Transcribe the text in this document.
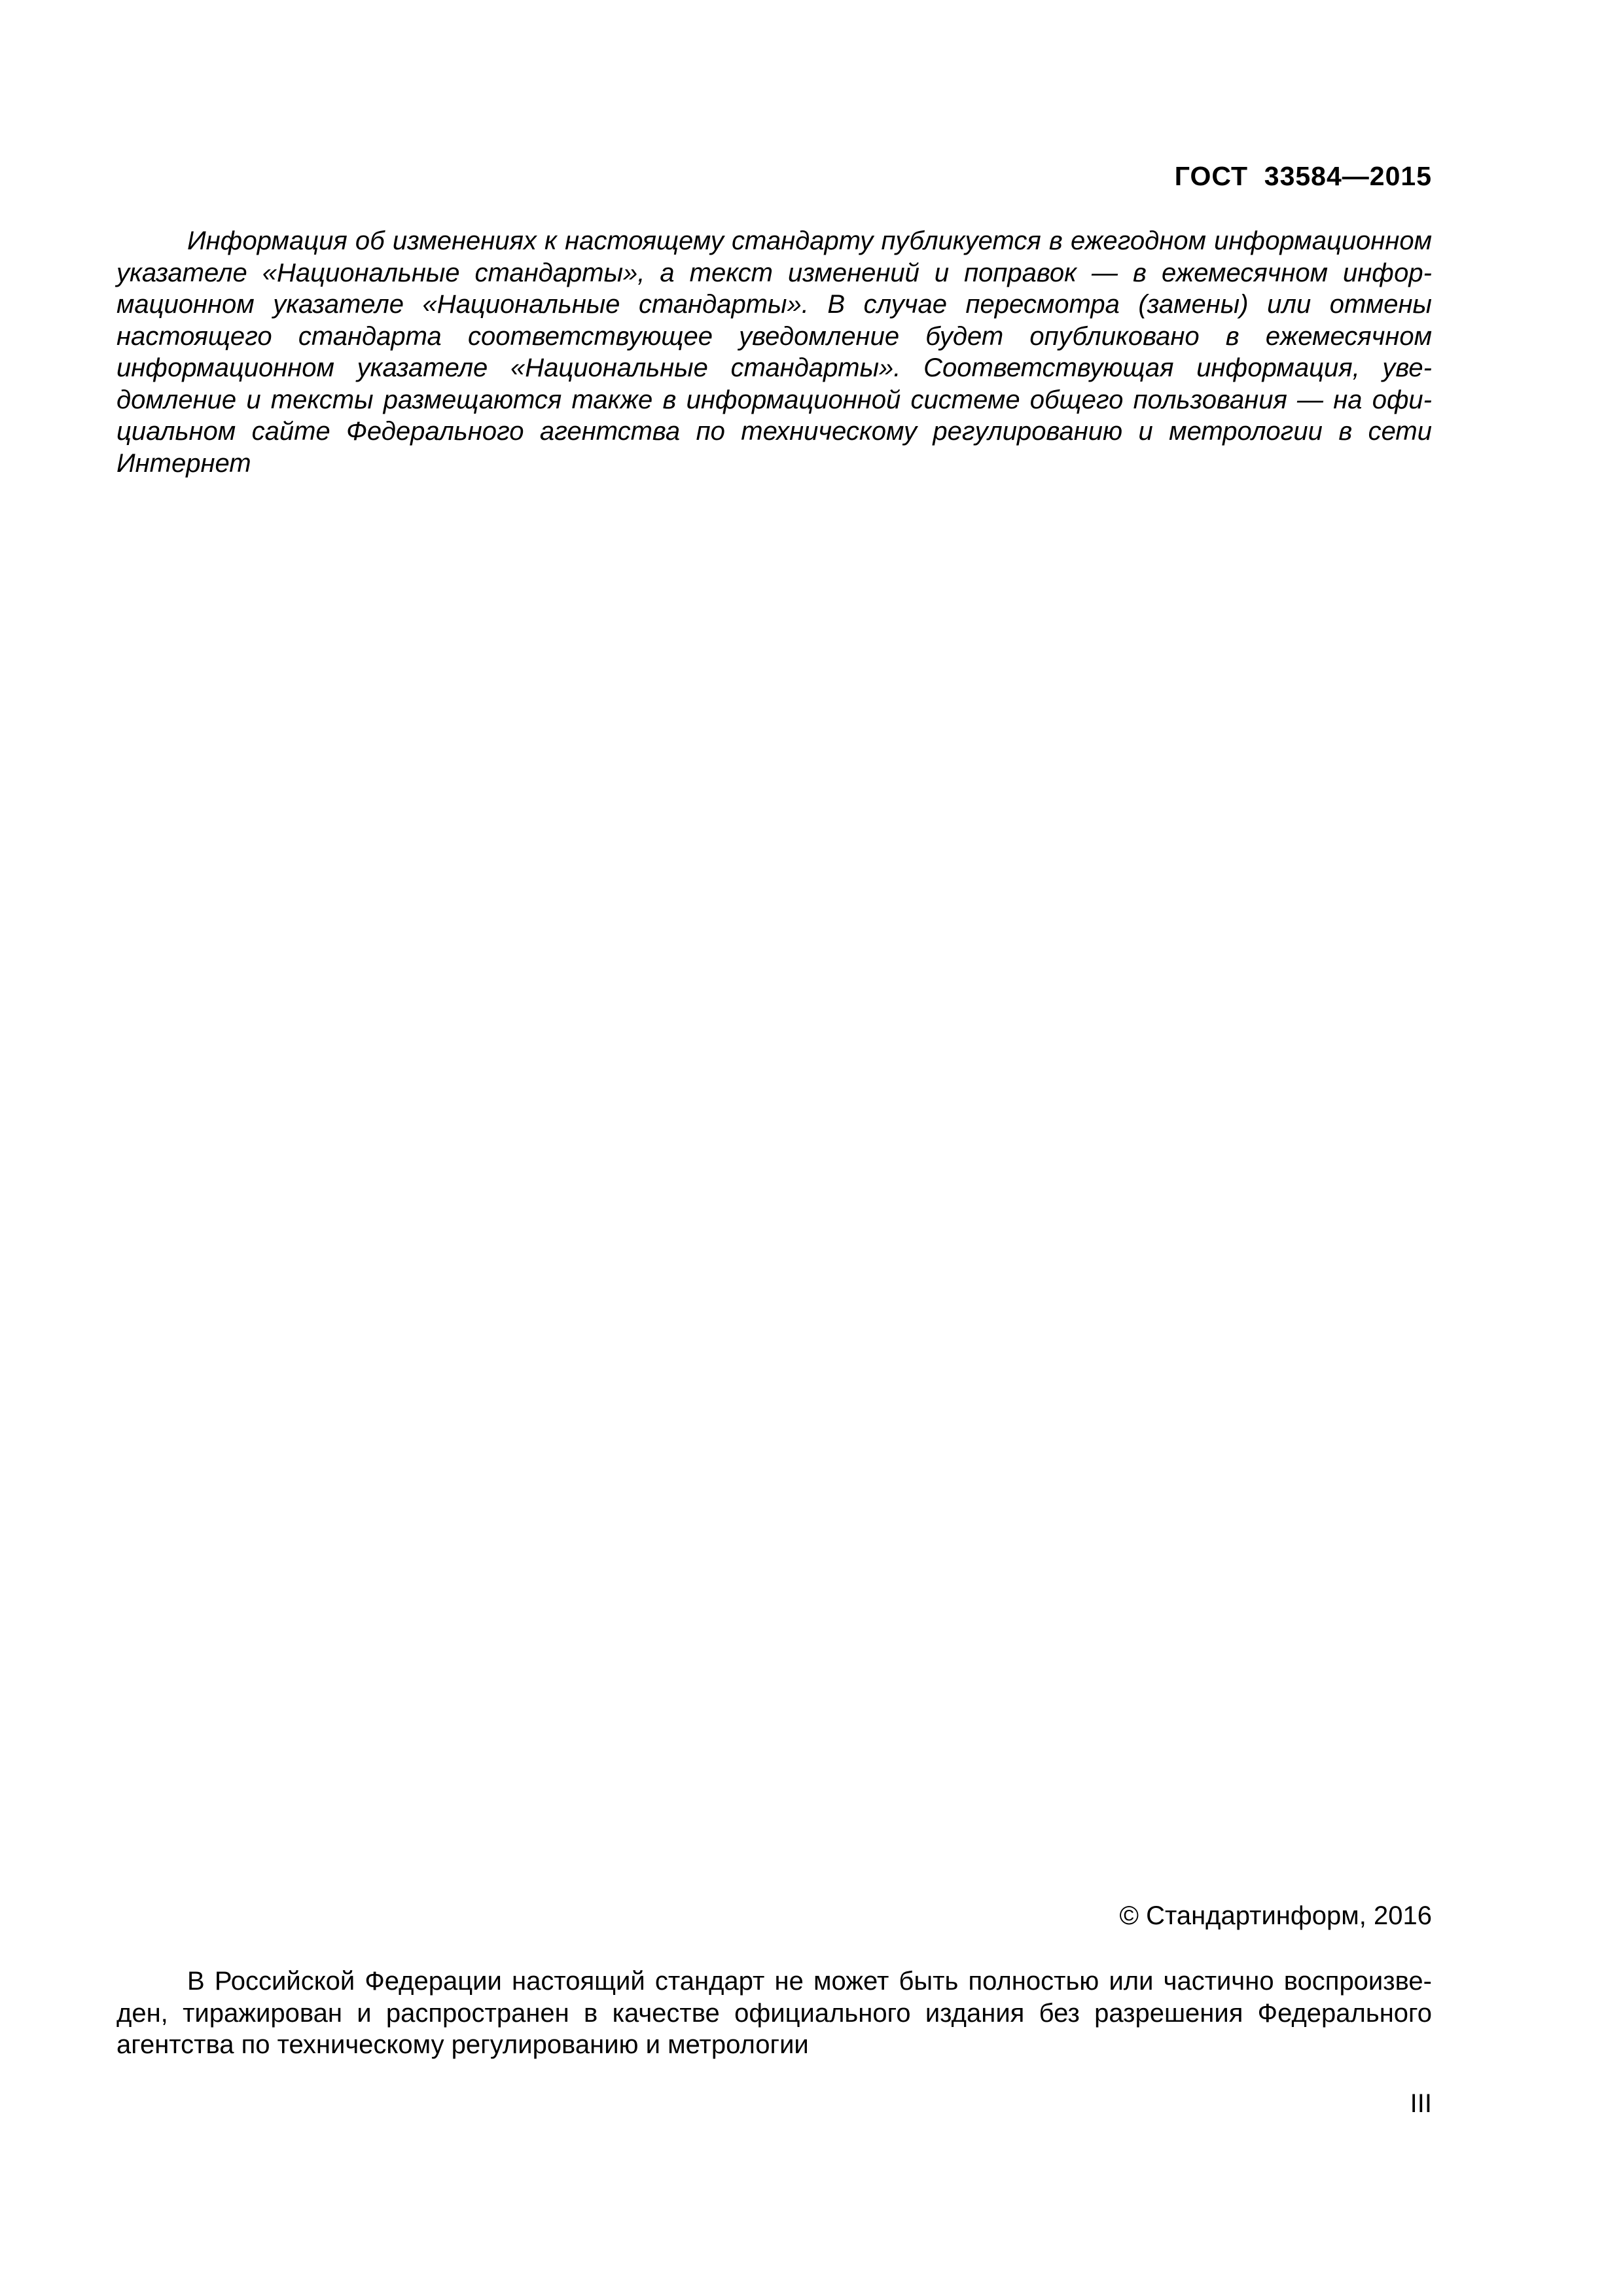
ГОСТ  33584—2015

Информация об изменениях к настоящему стандарту публикуется в ежегодном информационном указателе «Национальные стандарты», а текст изменений и поправок — в ежемесячном информационном указателе «Национальные стандарты». В случае пересмотра (замены) или отмены настоящего стандарта соответствующее уведомление будет опубликовано в ежемесячном информационном указателе «Национальные стандарты». Соответствующая информация, уведомление и тексты размещаются также в информационной системе общего пользования — на официальном сайте Федерального агентства по техническому регулированию и метрологии в сети Интернет

© Стандартинформ, 2016

В Российской Федерации настоящий стандарт не может быть полностью или частично воспроизведен, тиражирован и распространен в качестве официального издания без разрешения Федерального агентства по техническому регулированию и метрологии

III
